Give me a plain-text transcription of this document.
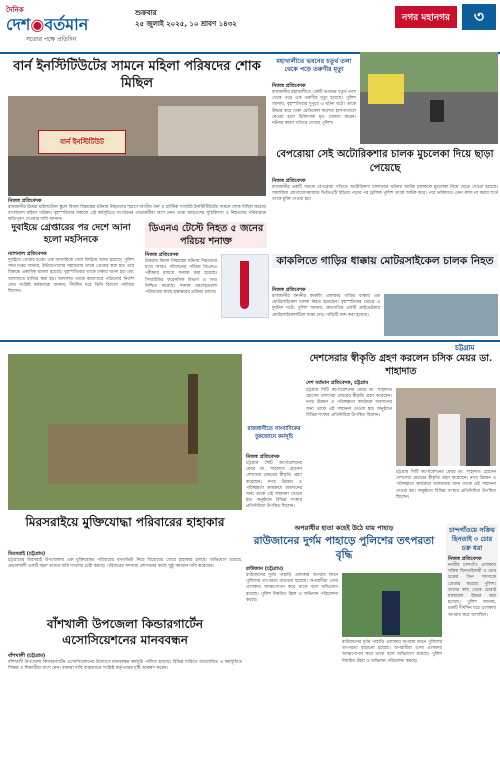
দৈনিক
দেশ◉বর্তমান
সত্যের পক্ষে প্রতিদিন
শুক্রবার
২৫ জুলাই ২০২৫, ১০ শ্রাবণ ১৪৩২
নগর মহানগর	৩
বার্ন ইনস্টিটিউটের সামনে মহিলা পরিষদের শোক মিছিল
বার্ন ইনস্টিটিউট
নিজস্ব প্রতিবেদক
রাজধানীর উত্তরা মাইলস্টোন স্কুলে বিমান বিধ্বস্তের ঘটনায় নিহতদের স্মরণে জাতীয় বার্ন ও প্লাস্টিক সার্জারি ইনস্টিটিউটের সামনে শোক মিছিল করেছে বাংলাদেশ মহিলা পরিষদ। বৃহস্পতিবার সকালে এই কর্মসূচিতে সংগঠনের নেতাকর্মীরা অংশ নেন। তারা আহতদের সুচিকিৎসা ও নিহতদের পরিবারকে ক্ষতিপূরণ দেওয়ার দাবি জানান।
দুবাইয়ে গ্রেপ্তারের পর দেশে আনা হলো মহসিনকে
ন্যাশনাল প্রতিবেদক
দুবাইয়ে গ্রেপ্তার হওয়া এক আসামিকে দেশে ফিরিয়ে আনা হয়েছে। পুলিশ সদর দপ্তর জানায়, ইন্টারপোলের সহায়তায় তাকে গ্রেপ্তার করা হয়। তার বিরুদ্ধে একাধিক মামলা রয়েছে। বৃহস্পতিবার তাকে ঢাকায় আনা হয় এবং আদালতে হাজির করা হয়। আদালত তাকে কারাগারে পাঠানোর নির্দেশ দেন। সংশ্লিষ্ট কর্মকর্তারা জানান, দীর্ঘদিন ধরে তিনি বিদেশে পালিয়ে ছিলেন।
ডিএনএ টেস্টে নিহত ৫ জনের পরিচয় শনাক্ত
নিজস্ব প্রতিবেদক
উত্তরায় বিমান বিধ্বস্তের ঘটনায় নিহতদের মধ্যে আরও পাঁচজনের পরিচয় ডিএনএ পরীক্ষার মাধ্যমে শনাক্ত করা হয়েছে। সিআইডির ফরেনসিক বিভাগ এ তথ্য নিশ্চিত করেছে। শনাক্ত মরদেহগুলো পরিবারের কাছে হস্তান্তরের প্রক্রিয়া চলছে।
মহাখালীতে ভবনের চতুর্থ তলা থেকে পড়ে তরুণীর মৃত্যু
নিজস্ব প্রতিবেদক
রাজধানীর মহাখালীতে একটি ভবনের চতুর্থ তলা থেকে পড়ে এক তরুণীর মৃত্যু হয়েছে। পুলিশ জানায়, বৃহস্পতিবার দুপুরে এ ঘটনা ঘটে। তাকে উদ্ধার করে ঢাকা মেডিকেল কলেজ হাসপাতালে নেওয়া হলে চিকিৎসক মৃত ঘোষণা করেন। ঘটনার কারণ খতিয়ে দেখছে পুলিশ।
বেপরোয়া সেই অটোরিকশার চালক মুচলেকা দিয়ে ছাড়া পেয়েছে
নিজস্ব প্রতিবেদক
রাজধানীর একটি সড়কে বেপরোয়া গতিতে অটোরিকশা চালানোর ঘটনায় আটক চালককে মুচলেকা নিয়ে ছেড়ে দেওয়া হয়েছে। সামাজিক যোগাযোগমাধ্যমে ভিডিওটি ছড়িয়ে পড়ার পর ট্রাফিক পুলিশ তাকে আটক করে। পরে ভবিষ্যতে এমন কাজ না করার শর্তে তাকে মুক্তি দেওয়া হয়।
কাকলিতে গাড়ির ধাক্কায় মোটরসাইকেল চালক নিহত
নিজস্ব প্রতিবেদক
রাজধানীর বনানীর কাকলি এলাকায় গাড়ির ধাক্কায় এক মোটরসাইকেল চালক নিহত হয়েছেন। বৃহস্পতিবার ভোরে এ দুর্ঘটনা ঘটে। পুলিশ জানায়, দ্রুতগতির একটি প্রাইভেটকার মোটরসাইকেলটিকে ধাক্কা দেয়। গাড়িটি জব্দ করা হয়েছে।
চট্টগ্রাম
রাজধানীতে সাংবাদিকের বুকজোনে কর্মসূচি
নিজস্ব প্রতিবেদক
চট্টগ্রাম সিটি কর্পোরেশনের মেয়র ডা. শাহাদাত হোসেন দেশসেরা মেয়রের স্বীকৃতি গ্রহণ করেছেন। নগর উন্নয়ন ও পরিচ্ছন্নতা কার্যক্রমে অবদানের জন্য তাকে এই সম্মাননা দেওয়া হয়। অনুষ্ঠানে বিভিন্ন সংস্থার প্রতিনিধিরা উপস্থিত ছিলেন।
দেশসেরার স্বীকৃতি গ্রহণ করলেন চসিক মেয়র ডা. শাহাদাত
দেশ বর্তমান প্রতিবেদক, চট্টগ্রাম
চট্টগ্রাম সিটি কর্পোরেশনের মেয়র ডা. শাহাদাত হোসেন দেশসেরা মেয়রের স্বীকৃতি গ্রহণ করেছেন। নগর উন্নয়ন ও পরিচ্ছন্নতা কার্যক্রমে অবদানের জন্য তাকে এই সম্মাননা দেওয়া হয়। অনুষ্ঠানে বিভিন্ন সংস্থার প্রতিনিধিরা উপস্থিত ছিলেন।
চট্টগ্রাম সিটি কর্পোরেশনের মেয়র ডা. শাহাদাত হোসেন দেশসেরা মেয়রের স্বীকৃতি গ্রহণ করেছেন। নগর উন্নয়ন ও পরিচ্ছন্নতা কার্যক্রমে অবদানের জন্য তাকে এই সম্মাননা দেওয়া হয়। অনুষ্ঠানে বিভিন্ন সংস্থার প্রতিনিধিরা উপস্থিত ছিলেন।
মিরসরাইয়ে মুক্তিযোদ্ধা পরিবারের হাহাকার
মিরসরাই (চট্টগ্রাম)
চট্টগ্রামের মিরসরাই উপজেলায় এক মুক্তিযোদ্ধা পরিবারের বসতভিটা নিয়ে বিরোধের জেরে হাহাকার চলছে। অভিযোগ রয়েছে, প্রভাবশালী একটি মহল তাদের জমি দখলের চেষ্টা করছে। পরিবারের সদস্যরা প্রশাসনের কাছে সুষ্ঠু সমাধান দাবি করেছেন।
অপরাধীর হাতা কহেই উঠে যায় পাহাড়
রাউজানের দুর্গম পাহাড়ে পুলিশের তৎপরতা বৃদ্ধি
রাউজান (চট্টগ্রাম)
রাউজানের দুর্গম পাহাড়ি এলাকায় অপরাধ দমনে পুলিশের তৎপরতা বাড়ানো হয়েছে। অপরাধীরা এসব এলাকায় আত্মগোপন করে থাকে বলে অভিযোগ রয়েছে। পুলিশ নিয়মিত টহল ও অভিযান পরিচালনা করছে।
রাউজানের দুর্গম পাহাড়ি এলাকায় অপরাধ দমনে পুলিশের তৎপরতা বাড়ানো হয়েছে। অপরাধীরা এসব এলাকায় আত্মগোপন করে থাকে বলে অভিযোগ রয়েছে। পুলিশ নিয়মিত টহল ও অভিযান পরিচালনা করছে।
চান্দগাঁওয়ে সক্রিয় ছিনতাই ৩ চোর চক্র ধরা
নিজস্ব প্রতিবেদক
নগরীর চান্দগাঁও এলাকায় সক্রিয় ছিনতাইকারী ও চোর চক্রের তিন সদস্যকে গ্রেপ্তার করেছে পুলিশ। তাদের কাছ থেকে চোরাই মালামাল উদ্ধার করা হয়েছে। পুলিশ জানায়, চক্রটি দীর্ঘদিন ধরে এলাকায় অপরাধ করে আসছিল।
বাঁশখালী উপজেলা কিন্ডারগার্টেন এসোসিয়েশনের মানববন্ধন
বাঁশখালী (চট্টগ্রাম)
বাঁশখালী উপজেলা কিন্ডারগার্টেন এসোসিয়েশনের উদ্যোগে মানববন্ধন কর্মসূচি পালিত হয়েছে। বিভিন্ন দাবিতে আয়োজিত এ কর্মসূচিতে শিক্ষক ও শিক্ষার্থীরা অংশ নেন। বক্তারা দাবি বাস্তবায়নে সংশ্লিষ্ট কর্তৃপক্ষের দৃষ্টি আকর্ষণ করেন।
